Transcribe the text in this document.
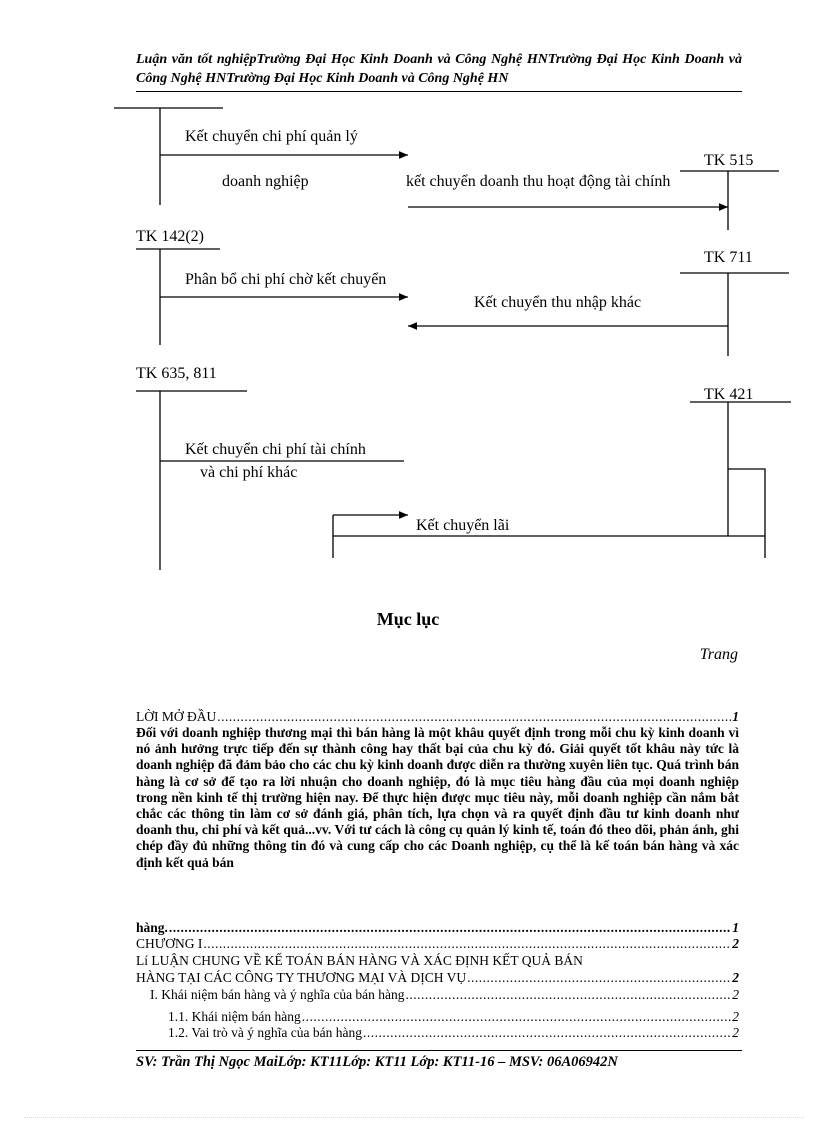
Luận văn tốt nghiệpTrường Đại Học Kinh Doanh và Công Nghệ HNTrường Đại Học Kinh Doanh và Công Nghệ HNTrường Đại Học Kinh Doanh và Công Nghệ HN
Kết chuyển chi phí quản lý
doanh nghiệp
TK 515
kết chuyển doanh thu hoạt động tài chính
TK 142(2)
TK 711
Phân bổ chi phí chờ kết chuyển
Kết chuyển thu nhập khác
TK 635, 811
TK 421
Kết chuyển chi phí tài chính
và chi phí khác
Kết chuyển lãi
Mục lục
Trang
LỜI MỞ ĐẦU .....	1
Đối với doanh nghiệp thương mại thì bán hàng là một khâu quyết định trong mỗi chu kỳ kinh doanh vì nó ảnh hưởng trực tiếp đến sự thành công hay thất bại của chu kỳ đó. Giải quyết tốt khâu này tức là doanh nghiệp đã đảm bảo cho các chu kỳ kinh doanh được diễn ra thường xuyên liên tục. Quá trình bán hàng là cơ sở để tạo ra lời nhuận cho doanh nghiệp, đó là mục tiêu hàng đầu của mọi doanh nghiệp trong nền kinh tế thị trường hiện nay. Để thực hiện được mục tiêu này, mỗi doanh nghiệp cần nắm bắt chắc các thông tin làm cơ sở đánh giá, phân tích, lựa chọn và ra quyết định đầu tư kinh doanh như doanh thu, chi phí và kết quả...vv. Với tư cách là công cụ quản lý kinh tế, toán đó theo dõi, phản ánh, ghi chép đầy đủ những thông tin đó và cung cấp cho các Doanh nghiệp, cụ thể là kế toán bán hàng và xác định kết quả bán
hàng. .....	1
CHƯƠNG I .....	2
Lí LUẬN CHUNG VỀ KẾ TOÁN BÁN HÀNG VÀ XÁC ĐỊNH KẾT QUẢ BÁN
HÀNG TẠI CÁC CÔNG TY THƯƠNG MẠI VÀ DỊCH VỤ .....	2
I. Khái niệm bán hàng và ý nghĩa của bán hàng .....	2
1.1. Khái niệm bán hàng .....	2
1.2. Vai trò và ý nghĩa của bán hàng .....	2
SV: Trần Thị Ngọc MaiLớp: KT11Lớp: KT11 Lớp: KT11-16 – MSV: 06A06942N
